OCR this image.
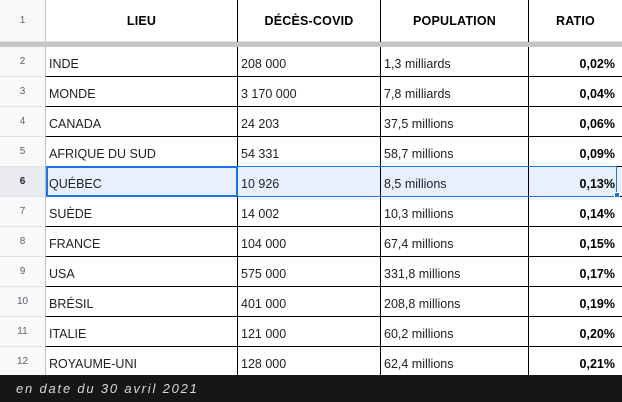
1
2
3
4
5
6
7
8
9
10
11
12
LIEU	DÉCÈS-COVID	POPULATION	RATIO
INDE	208 000	1,3 milliards	0,02%
MONDE	3 170 000	7,8 milliards	0,04%
CANADA	24 203	37,5 millions	0,06%
AFRIQUE DU SUD	54 331	58,7 millions	0,09%
QUÉBEC	10 926	8,5 millions	0,13%
SUÈDE	14 002	10,3 millions	0,14%
FRANCE	104 000	67,4 millions	0,15%
USA	575 000	331,8 millions	0,17%
BRÉSIL	401 000	208,8 millions	0,19%
ITALIE	121 000	60,2 millions	0,20%
ROYAUME-UNI	128 000	62,4 millions	0,21%
en date du 30 avril 2021
